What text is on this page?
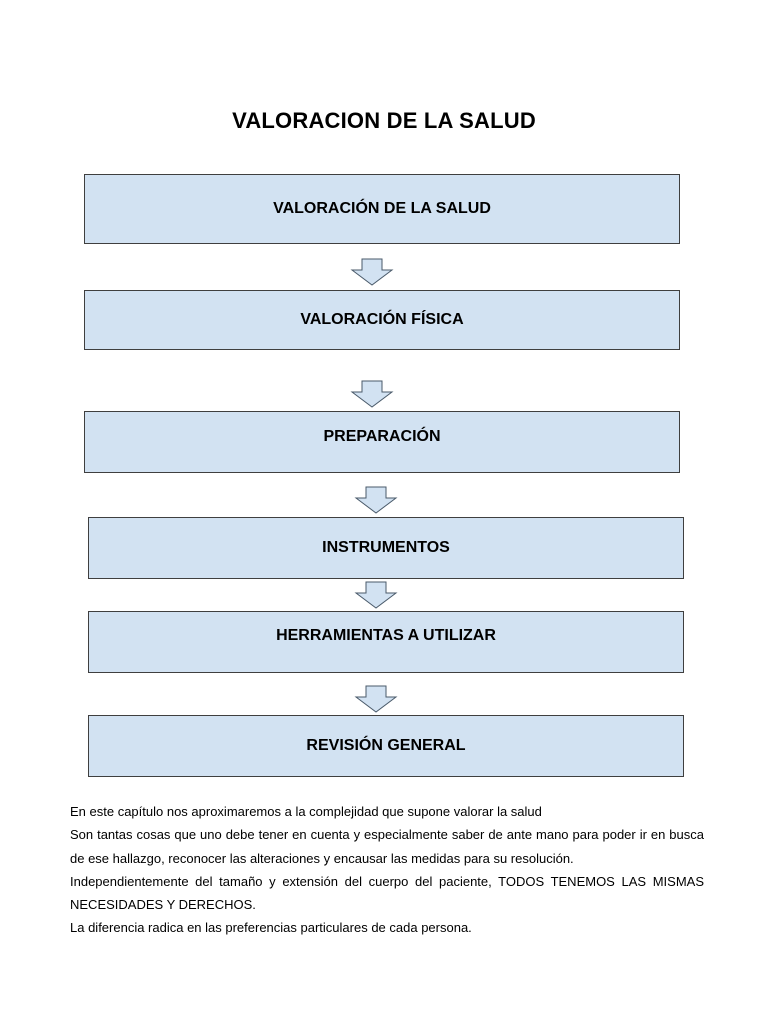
VALORACION DE LA SALUD
VALORACIÓN DE LA SALUD
VALORACIÓN FÍSICA
PREPARACIÓN
INSTRUMENTOS
HERRAMIENTAS A UTILIZAR
REVISIÓN GENERAL

En este capítulo nos aproximaremos a la complejidad que supone valorar la salud

Son tantas cosas que uno debe tener en cuenta y especialmente saber de ante mano para poder ir en busca de ese hallazgo, reconocer las alteraciones y encausar las medidas para su resolución.

Independientemente del tamaño y extensión del cuerpo del paciente, TODOS TENEMOS LAS MISMAS NECESIDADES Y DERECHOS.

La diferencia radica en las preferencias particulares de cada persona.
